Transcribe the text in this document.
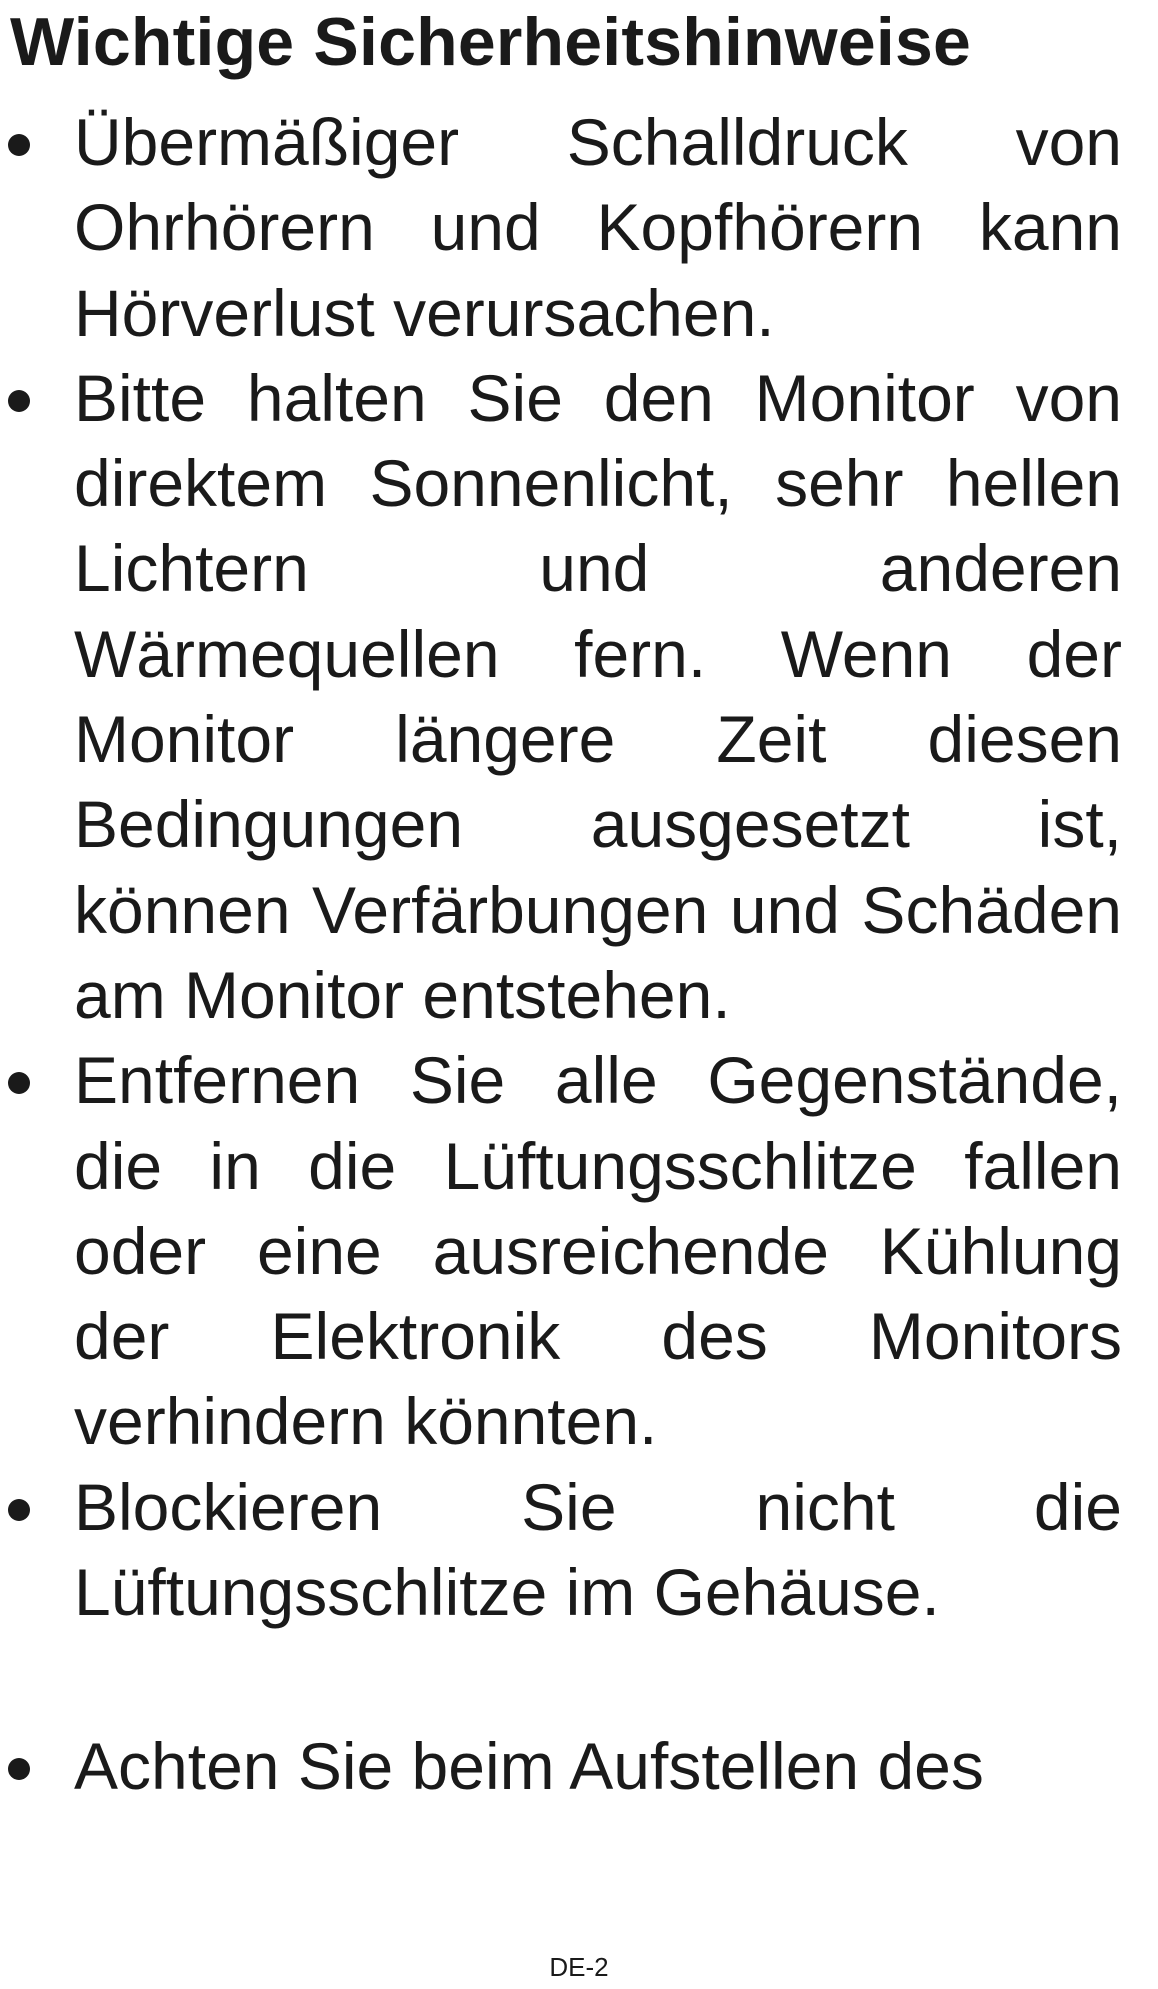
Wichtige Sicherheitshinweise
Übermäßiger Schalldruck von Ohrhörern und Kopfhörern kann Hörverlust verursachen.
Bitte halten Sie den Monitor von direktem Sonnenlicht, sehr hellen Lichtern und anderen Wärmequellen fern. Wenn der Monitor längere Zeit diesen Bedingungen ausgesetzt ist, können Verfärbungen und Schäden am Monitor entstehen.
Entfernen Sie alle Gegenstände, die in die Lüftungsschlitze fallen oder eine ausreichende Kühlung der Elektronik des Monitors verhindern könnten.
Blockieren Sie nicht die Lüftungsschlitze im Gehäuse.
Achten Sie beim Aufstellen des
DE-2
